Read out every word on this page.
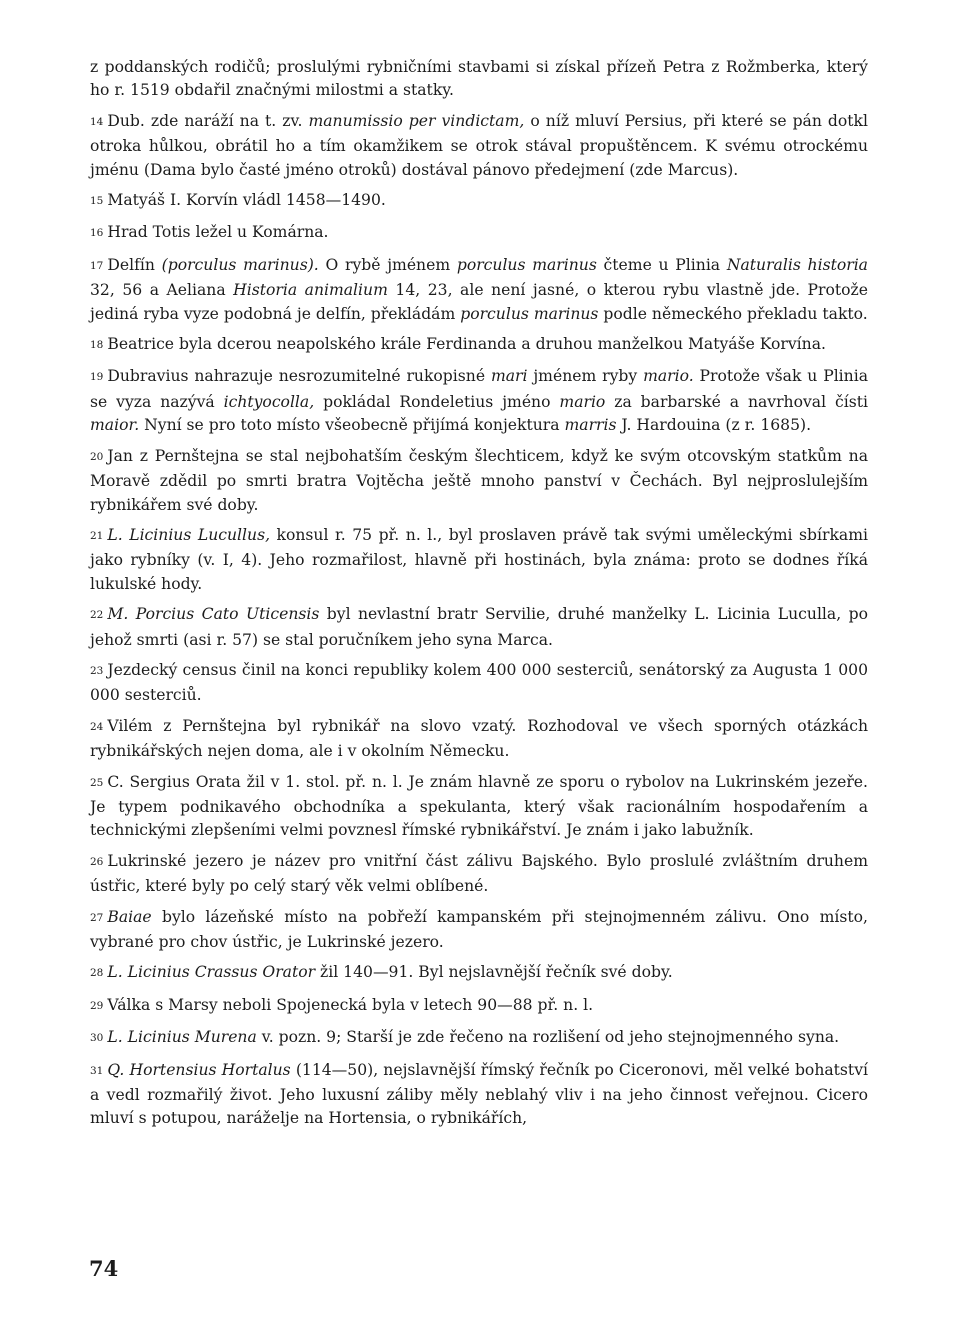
z poddanských rodičů; proslulými rybničními stavbami si získal přízeň Petra z Rožmberka, který ho r. 1519 obdařil značnými milostmi a statky.

14 Dub. zde naráží na t. zv. manumissio per vindictam, o níž mluví Persius, při které se pán dotkl otroka hůlkou, obrátil ho a tím okamžikem se otrok stával propuštěncem. K svému otrockému jménu (Dama bylo časté jméno otroků) dostával pánovo předejmení (zde Marcus).

15 Matyáš I. Korvín vládl 1458—1490.

16 Hrad Totis ležel u Komárna.

17 Delfín (porculus marinus). O rybě jménem porculus marinus čteme u Plinia Naturalis historia 32, 56 a Aeliana Historia animalium 14, 23, ale není jasné, o kterou rybu vlastně jde. Protože jediná ryba vyze podobná je delfín, překládám porculus marinus podle německého překladu takto.

18 Beatrice byla dcerou neapolského krále Ferdinanda a druhou manželkou Matyáše Korvína.

19 Dubravius nahrazuje nesrozumitelné rukopisné mari jménem ryby mario. Protože však u Plinia se vyza nazývá ichtyocolla, pokládal Rondeletius jméno mario za barbarské a navrhoval čísti maior. Nyní se pro toto místo všeobecně přijímá konjektura marris J. Hardouina (z r. 1685).

20 Jan z Pernštejna se stal nejbohatším českým šlechticem, když ke svým otcovským statkům na Moravě zdědil po smrti bratra Vojtěcha ještě mnoho panství v Čechách. Byl nejproslulejším rybnikářem své doby.

21 L. Licinius Lucullus, konsul r. 75 př. n. l., byl proslaven právě tak svými uměleckými sbírkami jako rybníky (v. I, 4). Jeho rozmařilost, hlavně při hostinách, byla známa: proto se dodnes říká lukulské hody.

22 M. Porcius Cato Uticensis byl nevlastní bratr Servilie, druhé manželky L. Licinia Luculla, po jehož smrti (asi r. 57) se stal poručníkem jeho syna Marca.

23 Jezdecký census činil na konci republiky kolem 400 000 sesterciů, senátorský za Augusta 1 000 000 sesterciů.

24 Vilém z Pernštejna byl rybnikář na slovo vzatý. Rozhodoval ve všech sporných otázkách rybnikářských nejen doma, ale i v okolním Německu.

25 C. Sergius Orata žil v 1. stol. př. n. l. Je znám hlavně ze sporu o rybolov na Lukrinském jezeře. Je typem podnikavého obchodníka a spekulanta, který však racionálním hospodařením a technickými zlepšeními velmi povznesl římské rybnikářství. Je znám i jako labužník.

26 Lukrinské jezero je název pro vnitřní část zálivu Bajského. Bylo proslulé zvláštním druhem ústřic, které byly po celý starý věk velmi oblíbené.

27 Baiae bylo lázeňské místo na pobřeží kampanském při stejnojmenném zálivu. Ono místo, vybrané pro chov ústřic, je Lukrinské jezero.

28 L. Licinius Crassus Orator žil 140—91. Byl nejslavnější řečník své doby.

29 Válka s Marsy neboli Spojenecká byla v letech 90—88 př. n. l.

30 L. Licinius Murena v. pozn. 9; Starší je zde řečeno na rozlišení od jeho stejnojmenného syna.

31 Q. Hortensius Hortalus (114—50), nejslavnější římský řečník po Ciceronovi, měl velké bohatství a vedl rozmařilý život. Jeho luxusní záliby měly neblahý vliv i na jeho činnost veřejnou. Cicero mluví s potupou, naráželje na Hortensia, o rybnikářích,

74
